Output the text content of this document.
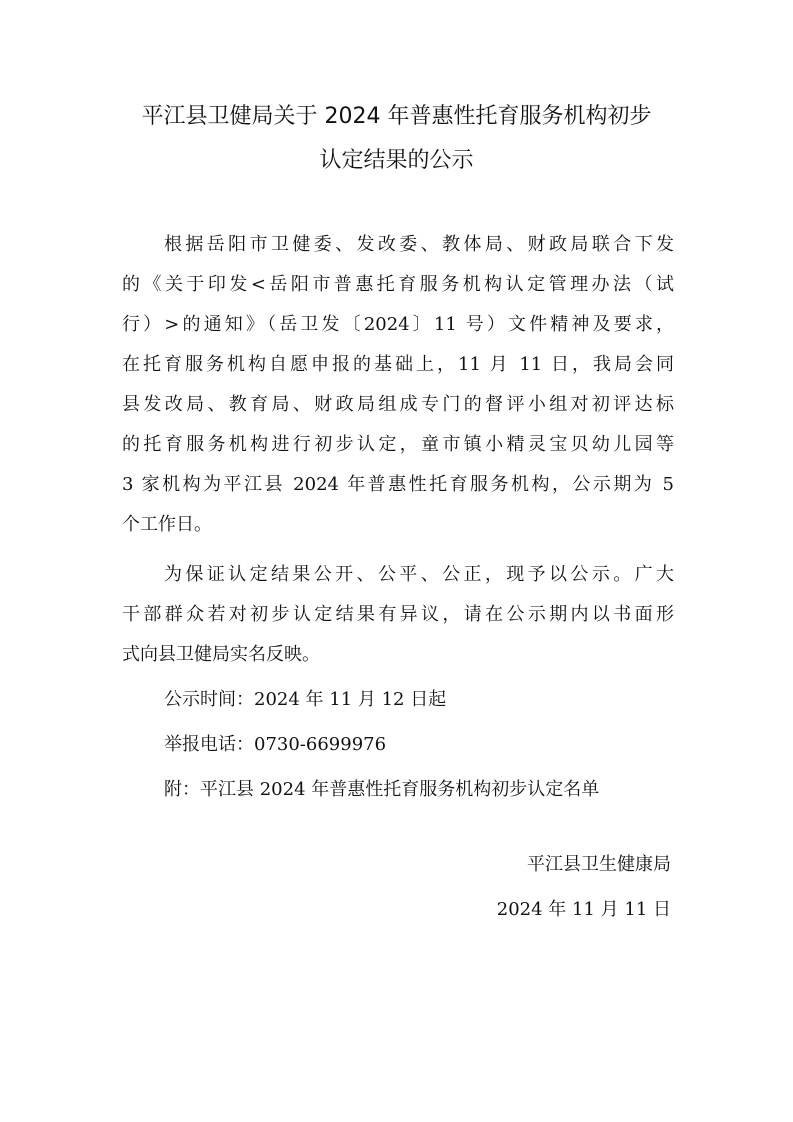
平江县卫健局关于 2024 年普惠性托育服务机构初步
认定结果的公示
根据岳阳市卫健委、发改委、教体局、财政局联合下发
的《关于印发<岳阳市普惠托育服务机构认定管理办法（试
行）>的通知》（岳卫发〔2024〕11 号）文件精神及要求，
在托育服务机构自愿申报的基础上，11 月 11 日，我局会同
县发改局、教育局、财政局组成专门的督评小组对初评达标
的托育服务机构进行初步认定，童市镇小精灵宝贝幼儿园等
3 家机构为平江县 2024 年普惠性托育服务机构，公示期为 5
个工作日。
为保证认定结果公开、公平、公正，现予以公示。广大
干部群众若对初步认定结果有异议，请在公示期内以书面形
式向县卫健局实名反映。
公示时间：2024 年 11 月 12 日起
举报电话：0730-6699976
附：平江县 2024 年普惠性托育服务机构初步认定名单
平江县卫生健康局
2024 年 11 月 11 日
